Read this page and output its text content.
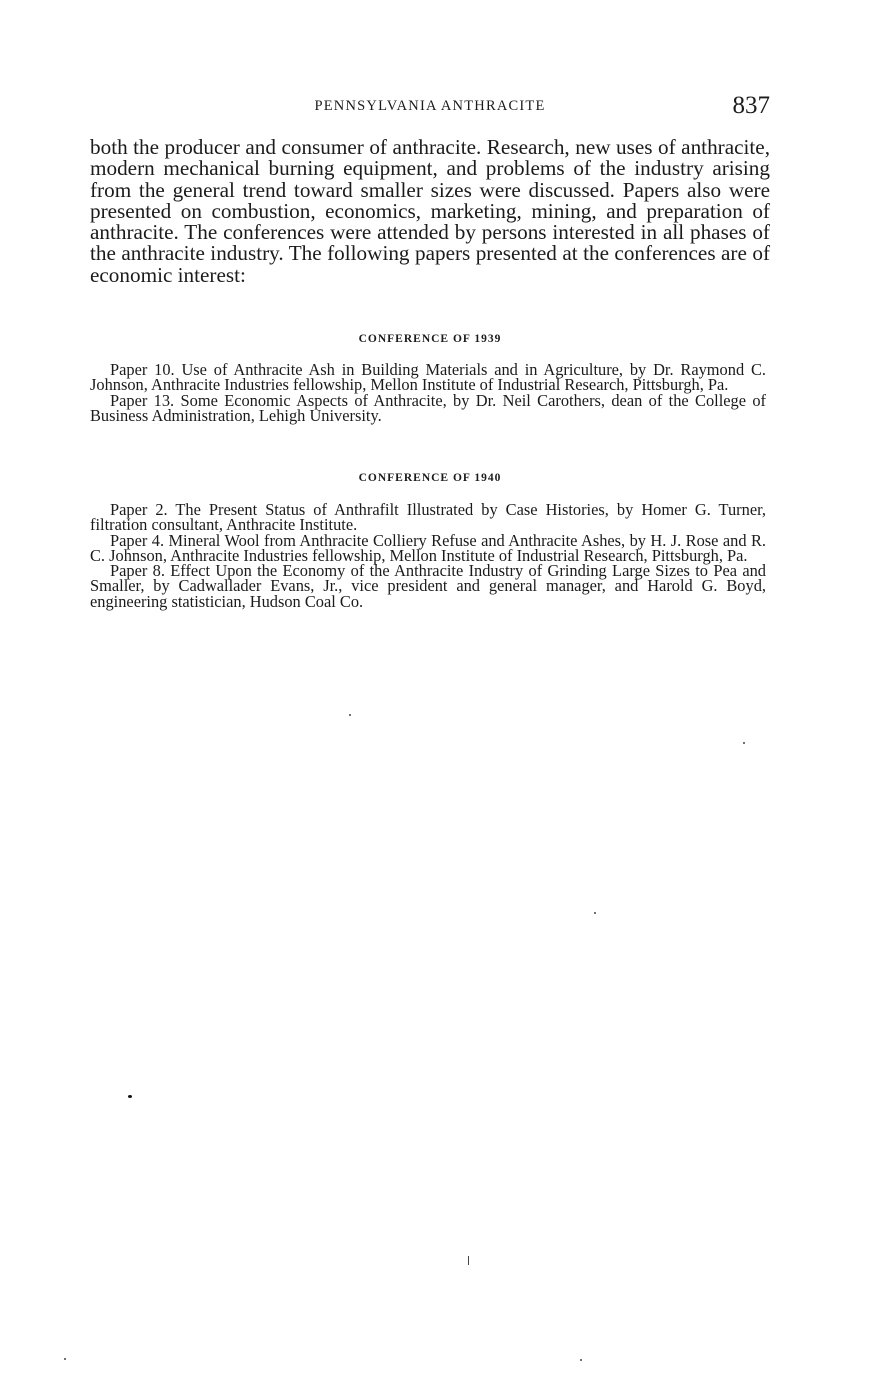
PENNSYLVANIA ANTHRACITE	837

both the producer and consumer of anthracite. Research, new uses of anthracite, modern mechanical burning equipment, and problems of the industry arising from the general trend toward smaller sizes were discussed. Papers also were presented on combustion, economics, marketing, mining, and preparation of anthracite. The conferences were attended by persons interested in all phases of the anthracite industry. The following papers presented at the conferences are of economic interest:

CONFERENCE OF 1939
Paper 10. Use of Anthracite Ash in Building Materials and in Agriculture, by Dr. Raymond C. Johnson, Anthracite Industries fellowship, Mellon Institute of Industrial Research, Pittsburgh, Pa.
Paper 13. Some Economic Aspects of Anthracite, by Dr. Neil Carothers, dean of the College of Business Administration, Lehigh University.
CONFERENCE OF 1940
Paper 2. The Present Status of Anthrafilt Illustrated by Case Histories, by Homer G. Turner, filtration consultant, Anthracite Institute.
Paper 4. Mineral Wool from Anthracite Colliery Refuse and Anthracite Ashes, by H. J. Rose and R. C. Johnson, Anthracite Industries fellowship, Mellon Institute of Industrial Research, Pittsburgh, Pa.
Paper 8. Effect Upon the Economy of the Anthracite Industry of Grinding Large Sizes to Pea and Smaller, by Cadwallader Evans, Jr., vice president and general manager, and Harold G. Boyd, engineering statistician, Hudson Coal Co.
